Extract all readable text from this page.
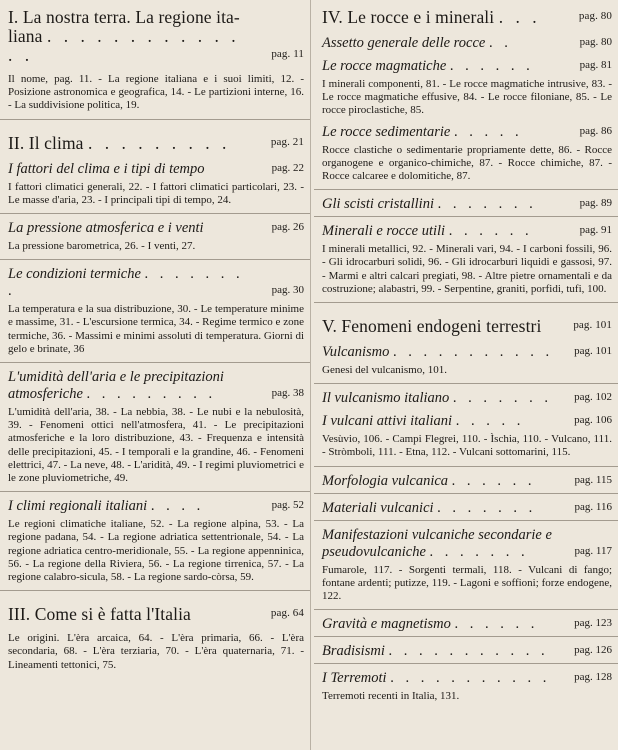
I. La nostra terra. La regione ita-
liana . . . . . . . . . . . . . .	pag. 11

Il nome, pag. 11. - La regione italiana e i suoi limiti, 12. - Posizione astronomica e geografica, 14. - Le partizioni interne, 16. - La suddivisione politica, 19.

II. Il clima . . . . . . . . .	pag. 21
I fattori del clima e i tipi di tempo	pag. 22

I fattori climatici generali, 22. - I fattori climatici particolari, 23. - Le masse d'aria, 23. - I principali tipi di tempo, 24.

La pressione atmosferica e i venti	pag. 26

La pressione barometrica, 26. - I venti, 27.

Le condizioni termiche . . . . . . . .	pag. 30

La temperatura e la sua distribuzione, 30. - Le temperature minime e massime, 31. - L'escursione termica, 34. - Regime termico e zone termiche, 36. - Massimi e minimi assoluti di temperatura. Giorni di gelo e brinate, 36

L'umidità dell'aria e le precipitazioni
atmosferiche . . . . . . . . .	pag. 38

L'umidità dell'aria, 38. - La nebbia, 38. - Le nubi e la nebulosità, 39. - Fenomeni ottici nell'atmosfera, 41. - Le precipitazioni atmosferiche e la loro distribuzione, 43. - Frequenza e intensità delle precipitazioni, 45. - I temporali e la grandine, 46. - Fenomeni elettrici, 47. - La neve, 48. - L'aridità, 49. - I regimi pluviometrici e le zone pluviometriche, 49.

I climi regionali italiani . . . .	pag. 52

Le regioni climatiche italiane, 52. - La regione alpina, 53. - La regione padana, 54. - La regione adriatica settentrionale, 54. - La regione adriatica centro-meridionale, 55. - La regione appenninica, 56. - La regione della Riviera, 56. - La regione tirrenica, 57. - La regione calabro-sicula, 58. - La regione sardo-còrsa, 59.

III. Come si è fatta l'Italia	pag. 64

Le origini. L'èra arcaica, 64. - L'èra primaria, 66. - L'èra secondaria, 68. - L'èra terziaria, 70. - L'èra quaternaria, 71. - Lineamenti tettonici, 75.

IV. Le rocce e i minerali . . .	pag. 80
Assetto generale delle rocce . .	pag. 80
Le rocce magmatiche . . . . . .	pag. 81

I minerali componenti, 81. - Le rocce magmatiche intrusive, 83. - Le rocce magmatiche effusive, 84. - Le rocce filoniane, 85. - Le rocce piroclastiche, 85.

Le rocce sedimentarie . . . . .	pag. 86

Rocce clastiche o sedimentarie propriamente dette, 86. - Rocce organogene e organico-chimiche, 87. - Rocce chimiche, 87. - Rocce calcaree e dolomitiche, 87.

Gli scisti cristallini . . . . . . .	pag. 89
Minerali e rocce utili . . . . . .	pag. 91

I minerali metallici, 92. - Minerali vari, 94. - I carboni fossili, 96. - Gli idrocarburi solidi, 96. - Gli idrocarburi liquidi e gassosi, 97. - Marmi e altri calcari pregiati, 98. - Altre pietre ornamentali e da costruzione; alabastri, 99. - Serpentine, graniti, porfidi, tufi, 100.

V. Fenomeni endogeni terrestri	pag. 101
Vulcanismo . . . . . . . . . . .	pag. 101

Genesi del vulcanismo, 101.

Il vulcanismo italiano . . . . . . .	pag. 102
I vulcani attivi italiani . . . . .	pag. 106

Vesùvio, 106. - Campi Flegrei, 110. - Ìschia, 110. - Vulcano, 111. - Stròmboli, 111. - Etna, 112. - Vulcani sottomarini, 115.

Morfologia vulcanica . . . . . .	pag. 115
Materiali vulcanici . . . . . . .	pag. 116
Manifestazioni vulcaniche secondarie e
pseudovulcaniche . . . . . . .	pag. 117

Fumarole, 117. - Sorgenti termali, 118. - Vulcani di fango; fontane ardenti; putizze, 119. - Lagoni e soffioni; forze endogene, 122.

Gravità e magnetismo . . . . . .	pag. 123
Bradisismi . . . . . . . . . . .	pag. 126
I Terremoti . . . . . . . . . . .	pag. 128

Terremoti recenti in Italia, 131.
